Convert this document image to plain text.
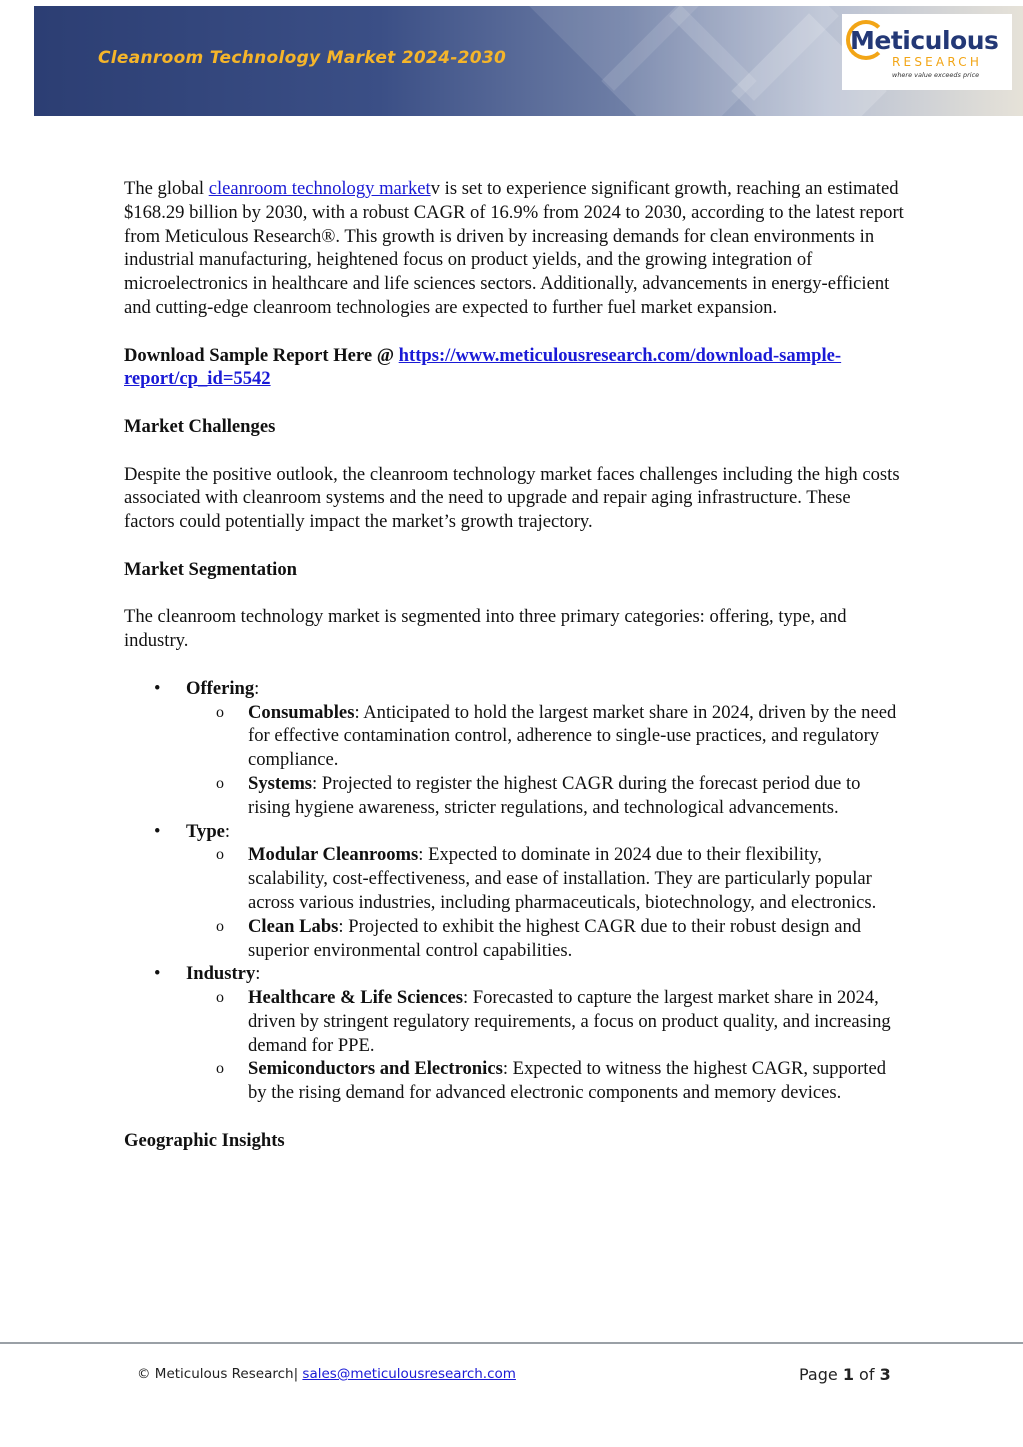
Cleanroom Technology Market 2024-2030
Meticulous
RESEARCH
where value exceeds price

The global cleanroom technology marketv is set to experience significant growth, reaching an estimated $168.29 billion by 2030, with a robust CAGR of 16.9% from 2024 to 2030, according to the latest report from Meticulous Research®. This growth is driven by increasing demands for clean environments in industrial manufacturing, heightened focus on product yields, and the growing integration of microelectronics in healthcare and life sciences sectors. Additionally, advancements in energy-efficient and cutting-edge cleanroom technologies are expected to further fuel market expansion.

Download Sample Report Here @ https://www.meticulousresearch.com/download-sample-report/cp_id=5542

Market Challenges

Despite the positive outlook, the cleanroom technology market faces challenges including the high costs associated with cleanroom systems and the need to upgrade and repair aging infrastructure. These factors could potentially impact the market’s growth trajectory.

Market Segmentation

The cleanroom technology market is segmented into three primary categories: offering, type, and industry.

• Offering:
o Consumables: Anticipated to hold the largest market share in 2024, driven by the need for effective contamination control, adherence to single-use practices, and regulatory compliance.
o Systems: Projected to register the highest CAGR during the forecast period due to rising hygiene awareness, stricter regulations, and technological advancements.
• Type:
o Modular Cleanrooms: Expected to dominate in 2024 due to their flexibility, scalability, cost-effectiveness, and ease of installation. They are particularly popular across various industries, including pharmaceuticals, biotechnology, and electronics.
o Clean Labs: Projected to exhibit the highest CAGR due to their robust design and superior environmental control capabilities.
• Industry:
o Healthcare & Life Sciences: Forecasted to capture the largest market share in 2024, driven by stringent regulatory requirements, a focus on product quality, and increasing demand for PPE.
o Semiconductors and Electronics: Expected to witness the highest CAGR, supported by the rising demand for advanced electronic components and memory devices.

Geographic Insights

© Meticulous Research| sales@meticulousresearch.com	Page 1 of 3
